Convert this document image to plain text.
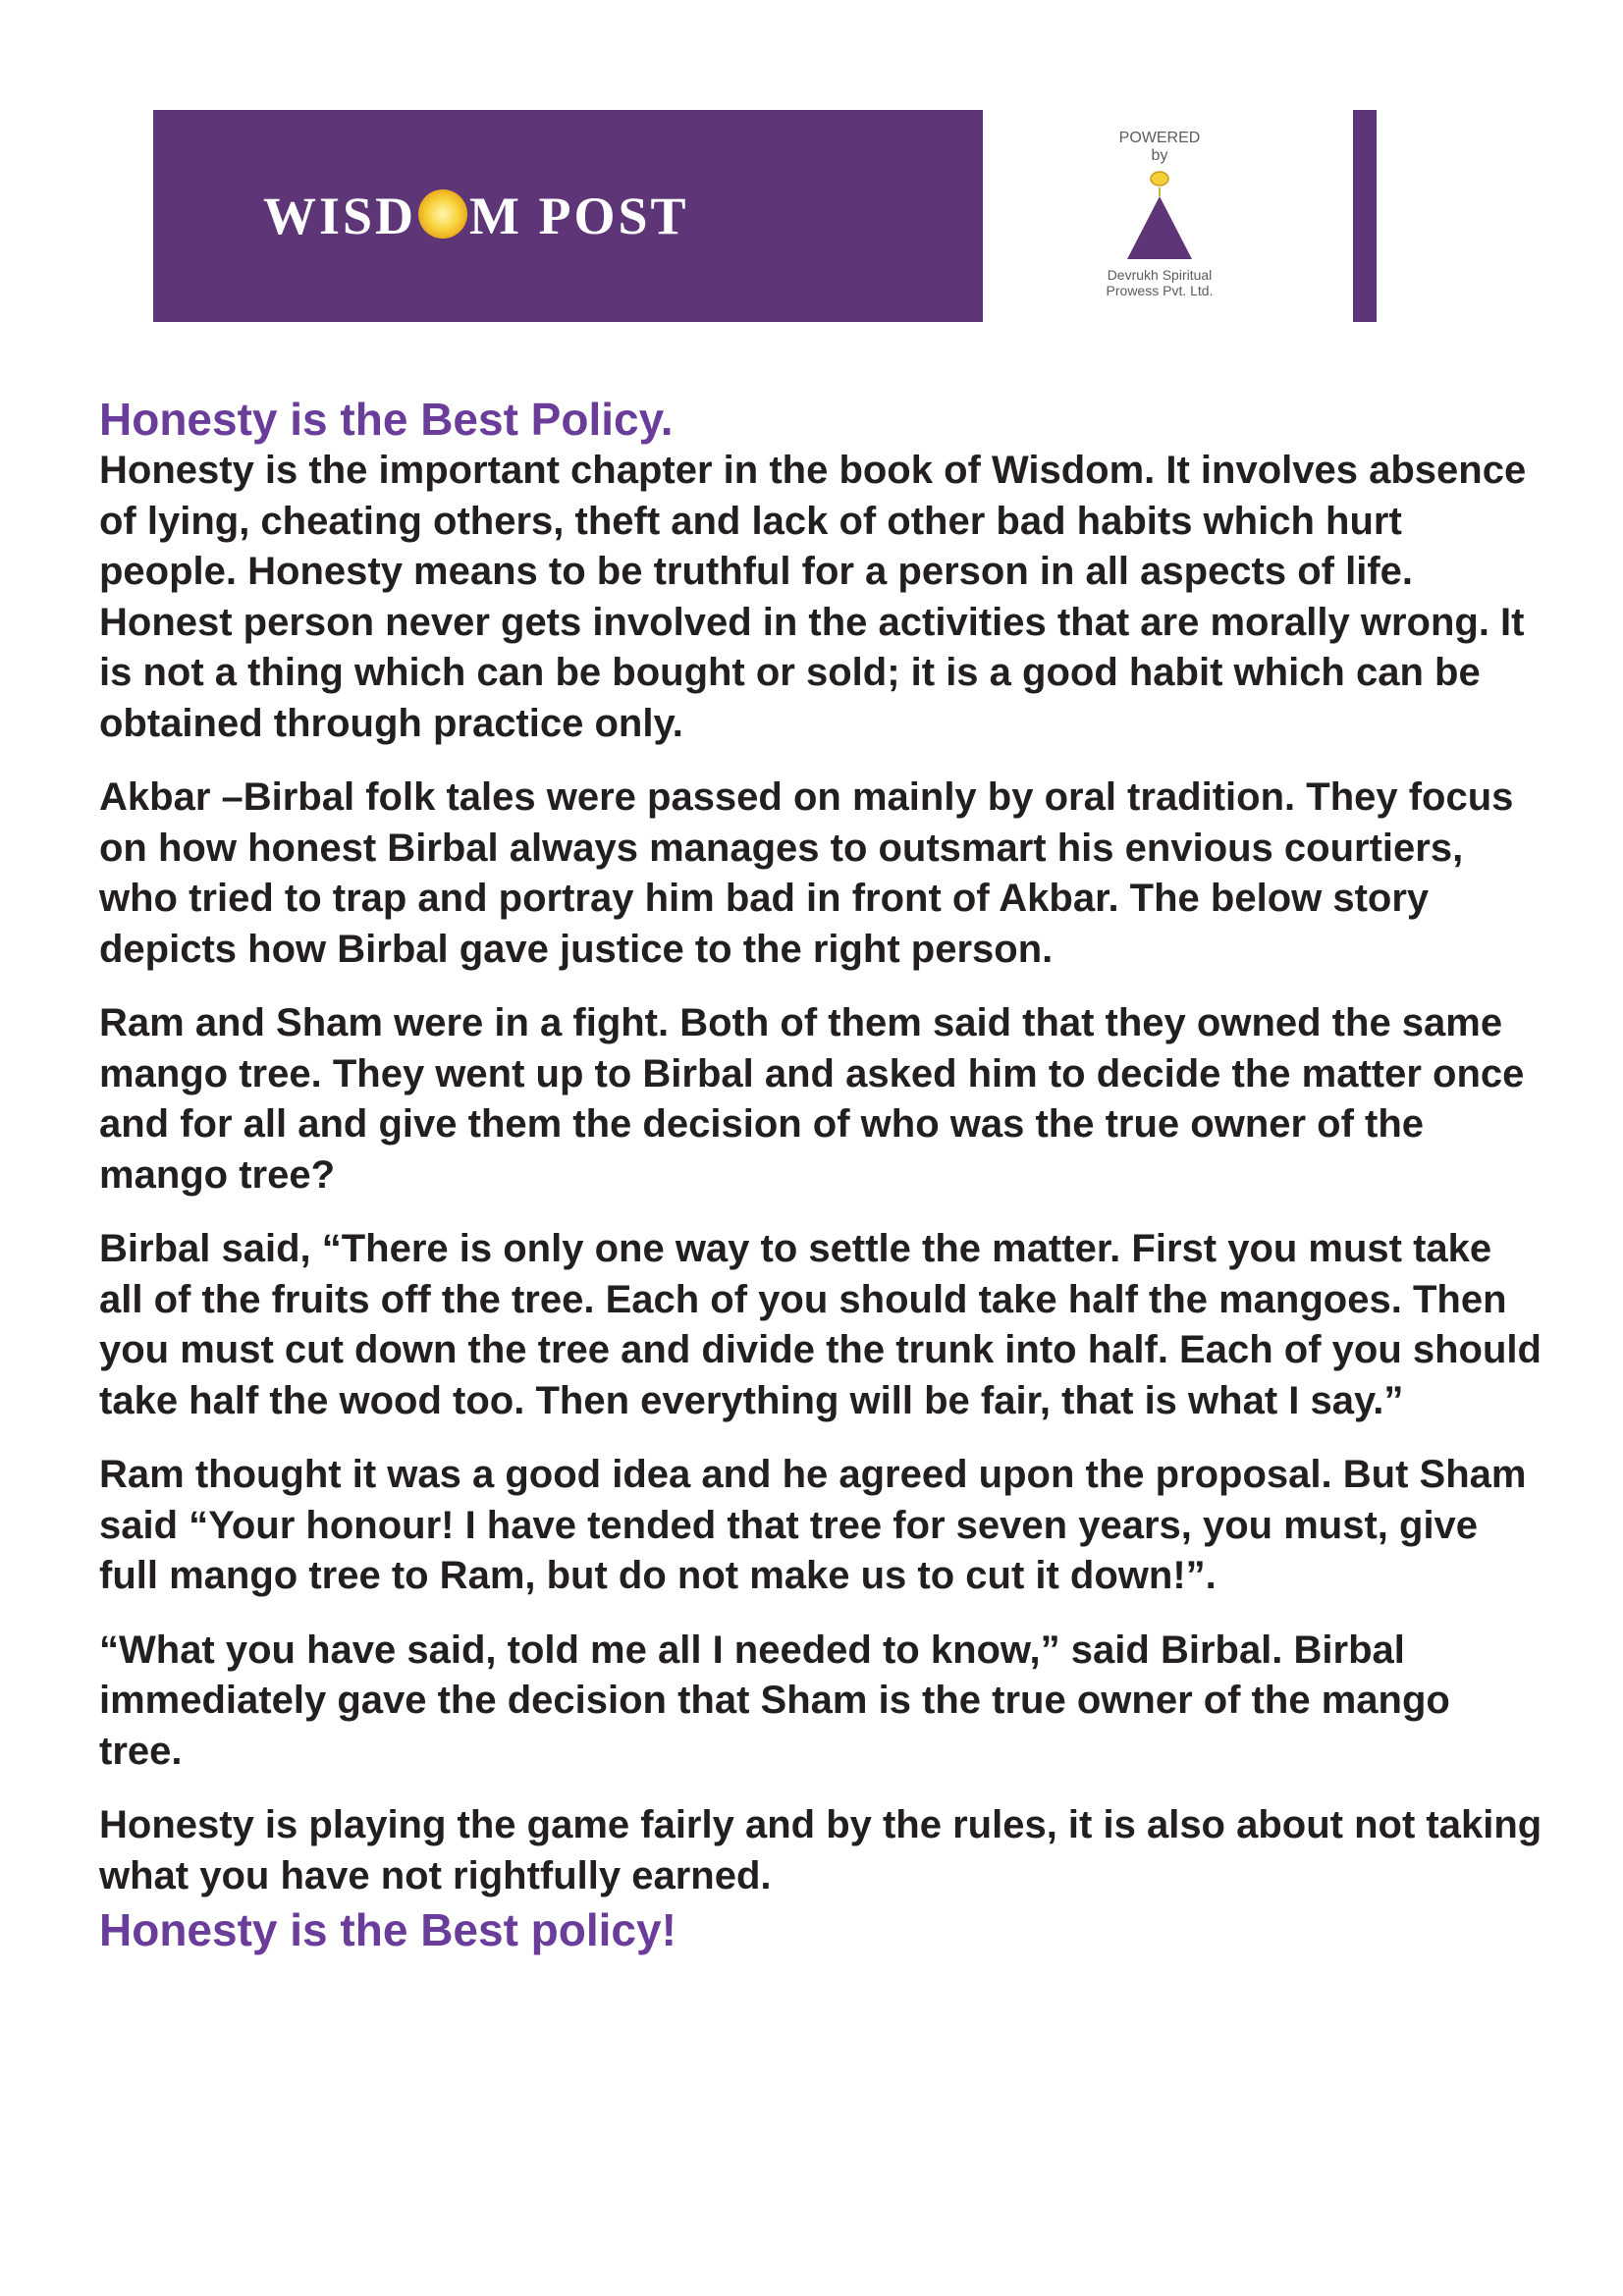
WISD M POST
POWERED
by
Devrukh Spiritual
Prowess Pvt. Ltd.
Honesty is the Best Policy.

Honesty is the important chapter in the book of Wisdom. It involves absence of lying, cheating others, theft and lack of other bad habits which hurt people. Honesty means to be truthful for a person in all aspects of life. Honest person never gets involved in the activities that are morally wrong. It is not a thing which can be bought or sold; it is a good habit which can be obtained through practice only.

Akbar –Birbal folk tales were passed on mainly by oral tradition. They focus on how honest Birbal always manages to outsmart his envious courtiers, who tried to trap and portray him bad in front of Akbar. The below story depicts how Birbal gave justice to the right person.

Ram and Sham were in a fight. Both of them said that they owned the same mango tree. They went up to Birbal and asked him to decide the matter once and for all and give them the decision of who was the true owner of the mango tree?

Birbal said, “There is only one way to settle the matter. First you must take all of the fruits off the tree. Each of you should take half the mangoes. Then you must cut down the tree and divide the trunk into half. Each of you should take half the wood too. Then everything will be fair, that is what I say.”

Ram thought it was a good idea and he agreed upon the proposal. But Sham said “Your honour! I have tended that tree for seven years, you must, give full mango tree to Ram, but do not make us to cut it down!”.

“What you have said, told me all I needed to know,” said Birbal. Birbal immediately gave the decision that Sham is the true owner of the mango tree.

Honesty is playing the game fairly and by the rules, it is also about not taking what you have not rightfully earned.

Honesty is the Best policy!
